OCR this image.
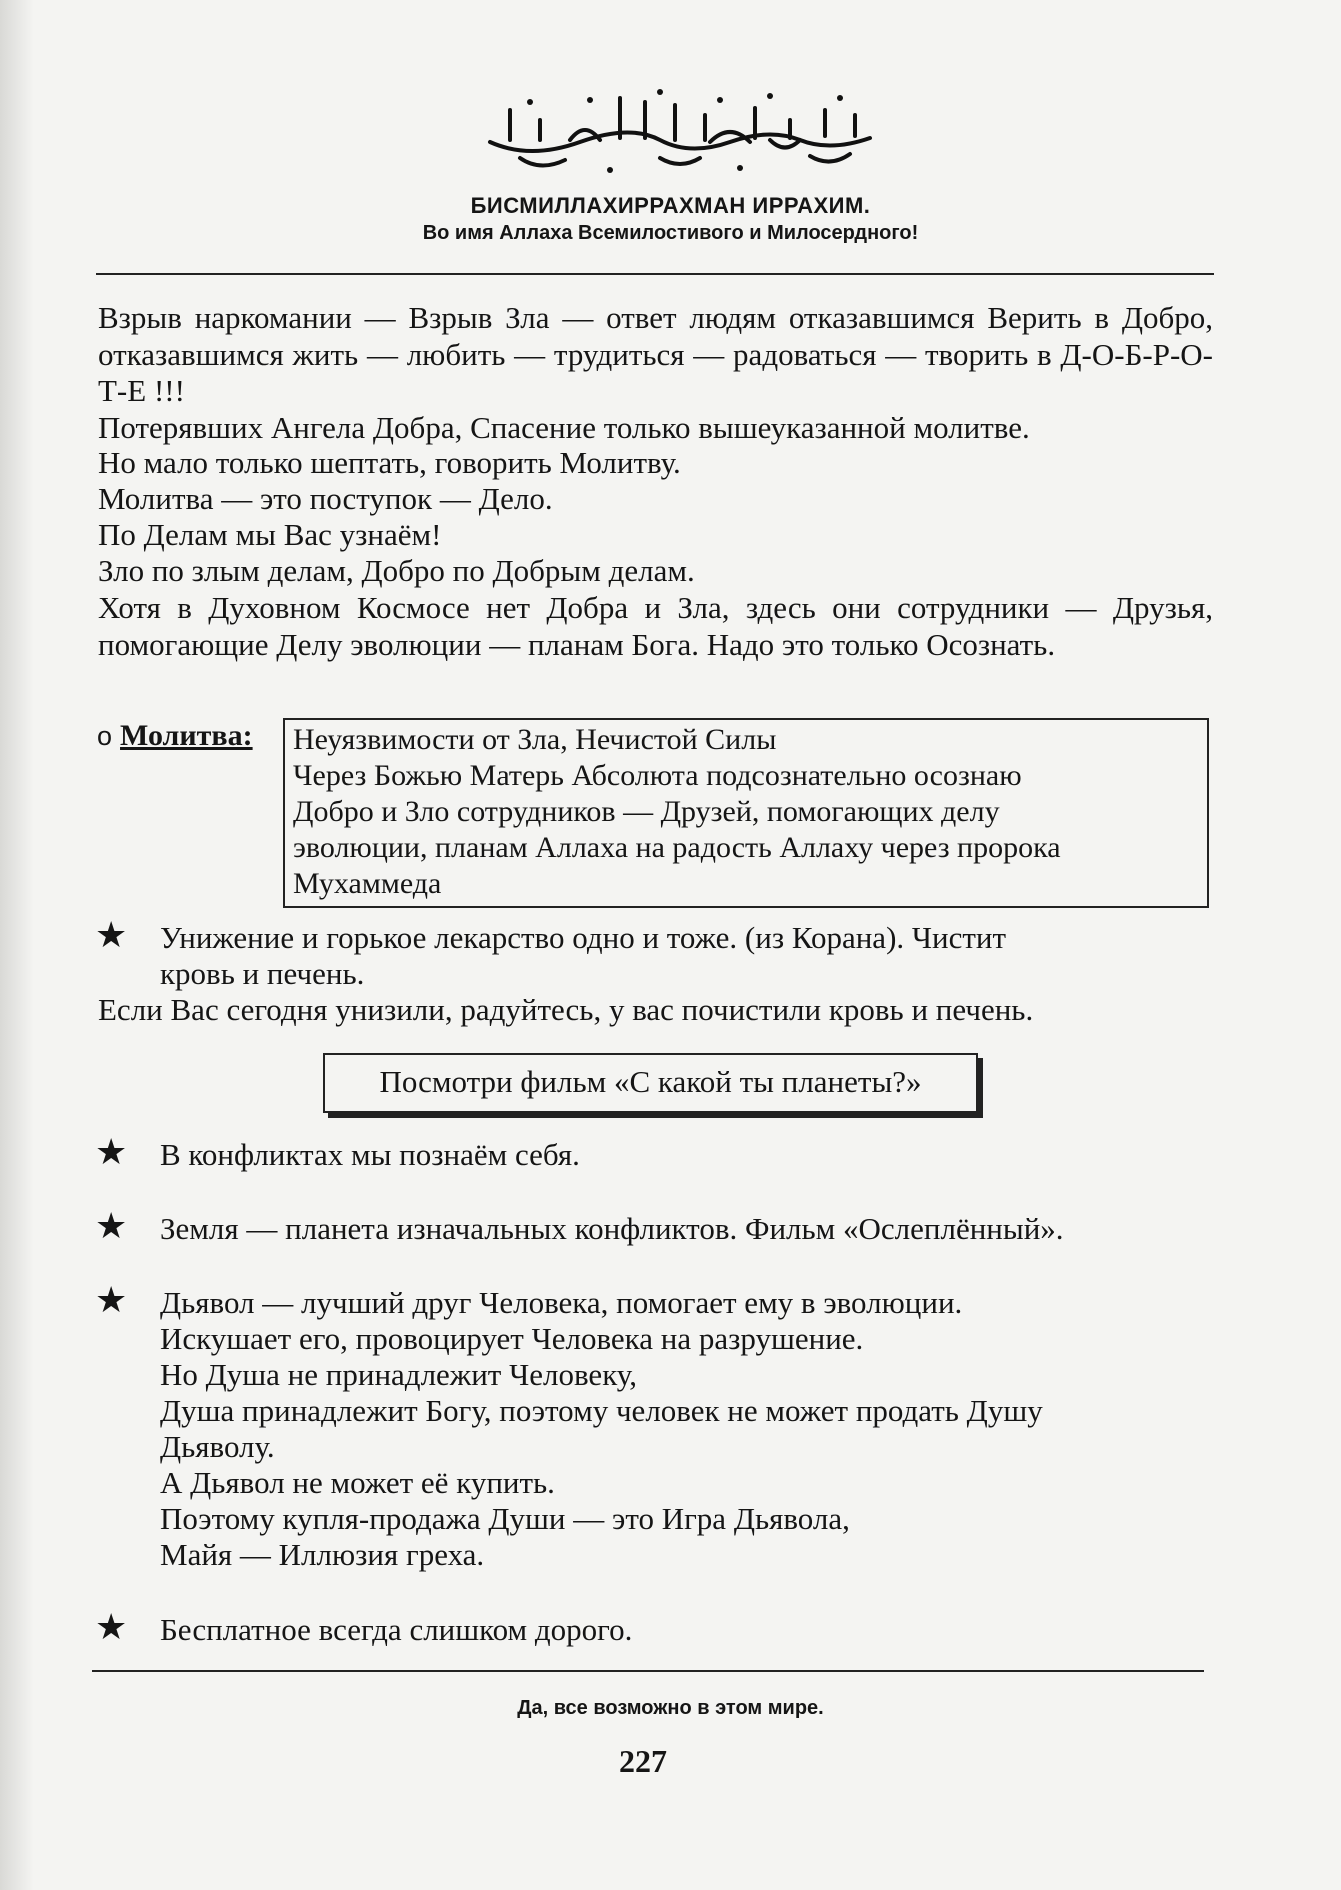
БИСМИЛЛАХИРРАХМАН ИРРАХИМ.
Во имя Аллаха Всемилостивого и Милосердного!

Взрыв наркомании — Взрыв Зла — ответ людям отказавшимся Верить в Добро, отказавшимся жить — любить — трудиться — радоваться — творить в Д-О-Б-Р-О-Т-Е !!!

Потерявших Ангела Добра, Спасение только вышеуказанной молитве.
Но мало только шептать, говорить Молитву.
Молитва — это поступок — Дело.
По Делам мы Вас узнаём!
Зло по злым делам, Добро по Добрым делам.

Хотя в Духовном Космосе нет Добра и Зла, здесь они сотрудники — Друзья, помогающие Делу эволюции — планам Бога. Надо это только Осознать.

о Молитва: Неуязвимости от Зла, Нечистой Силы
Через Божью Матерь Абсолюта подсознательно осознаю
Добро и Зло сотрудников — Друзей, помогающих делу
эволюции, планам Аллаха на радость Аллаху через пророка
Мухаммеда
★ Унижение и горькое лекарство одно и тоже. (из Корана). Чистит
кровь и печень.
Если Вас сегодня унизили, радуйтесь, у вас почистили кровь и печень.
Посмотри фильм «С какой ты планеты?»
★ В конфликтах мы познаём себя.
★ Земля — планета изначальных конфликтов. Фильм «Ослеплённый».
★ Дьявол — лучший друг Человека, помогает ему в эволюции.
Искушает его, провоцирует Человека на разрушение.
Но Душа не принадлежит Человеку,
Душа принадлежит Богу, поэтому человек не может продать Душу
Дьяволу.
А Дьявол не может её купить.
Поэтому купля-продажа Души — это Игра Дьявола,
Майя — Иллюзия греха.
★ Бесплатное всегда слишком дорого.
Да, все возможно в этом мире.
227
